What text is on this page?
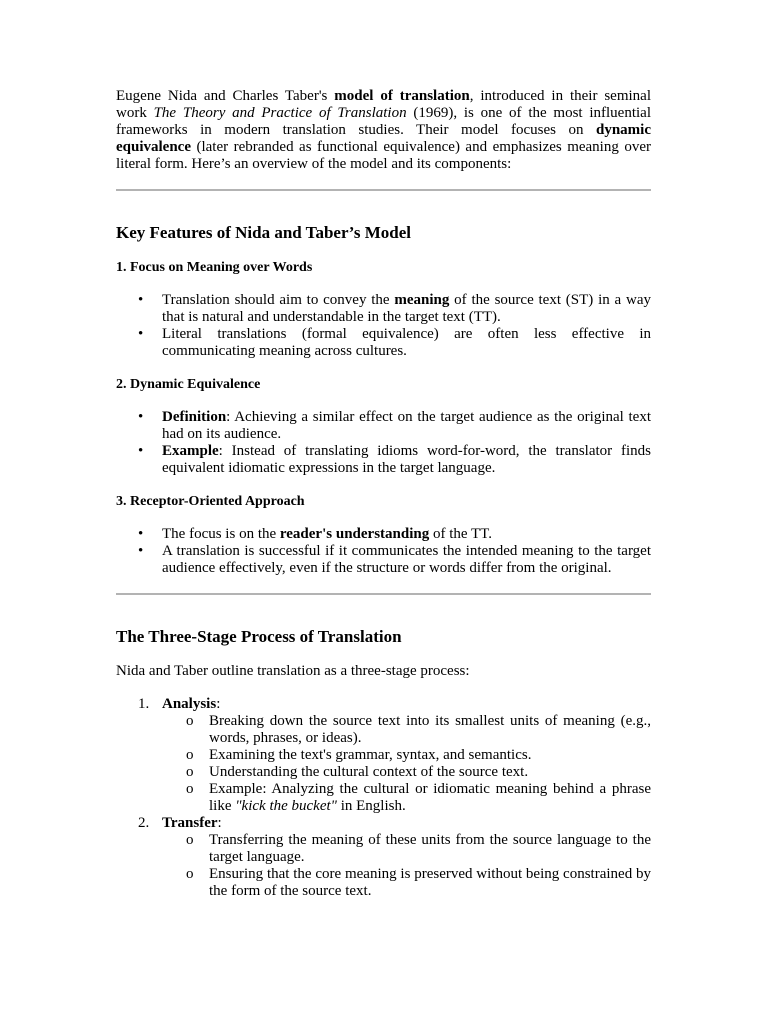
Eugene Nida and Charles Taber's model of translation, introduced in their seminal work The Theory and Practice of Translation (1969), is one of the most influential frameworks in modern translation studies. Their model focuses on dynamic equivalence (later rebranded as functional equivalence) and emphasizes meaning over literal form. Here’s an overview of the model and its components:

Key Features of Nida and Taber’s Model
1. Focus on Meaning over Words
• Translation should aim to convey the meaning of the source text (ST) in a way that is natural and understandable in the target text (TT).
• Literal translations (formal equivalence) are often less effective in communicating meaning across cultures.
2. Dynamic Equivalence
• Definition: Achieving a similar effect on the target audience as the original text had on its audience.
• Example: Instead of translating idioms word-for-word, the translator finds equivalent idiomatic expressions in the target language.
3. Receptor-Oriented Approach
• The focus is on the reader's understanding of the TT.
• A translation is successful if it communicates the intended meaning to the target audience effectively, even if the structure or words differ from the original.
The Three-Stage Process of Translation

Nida and Taber outline translation as a three-stage process:

1. Analysis:
o Breaking down the source text into its smallest units of meaning (e.g., words, phrases, or ideas).
o Examining the text's grammar, syntax, and semantics.
o Understanding the cultural context of the source text.
o Example: Analyzing the cultural or idiomatic meaning behind a phrase like "kick the bucket" in English.
2. Transfer:
o Transferring the meaning of these units from the source language to the target language.
o Ensuring that the core meaning is preserved without being constrained by the form of the source text.
